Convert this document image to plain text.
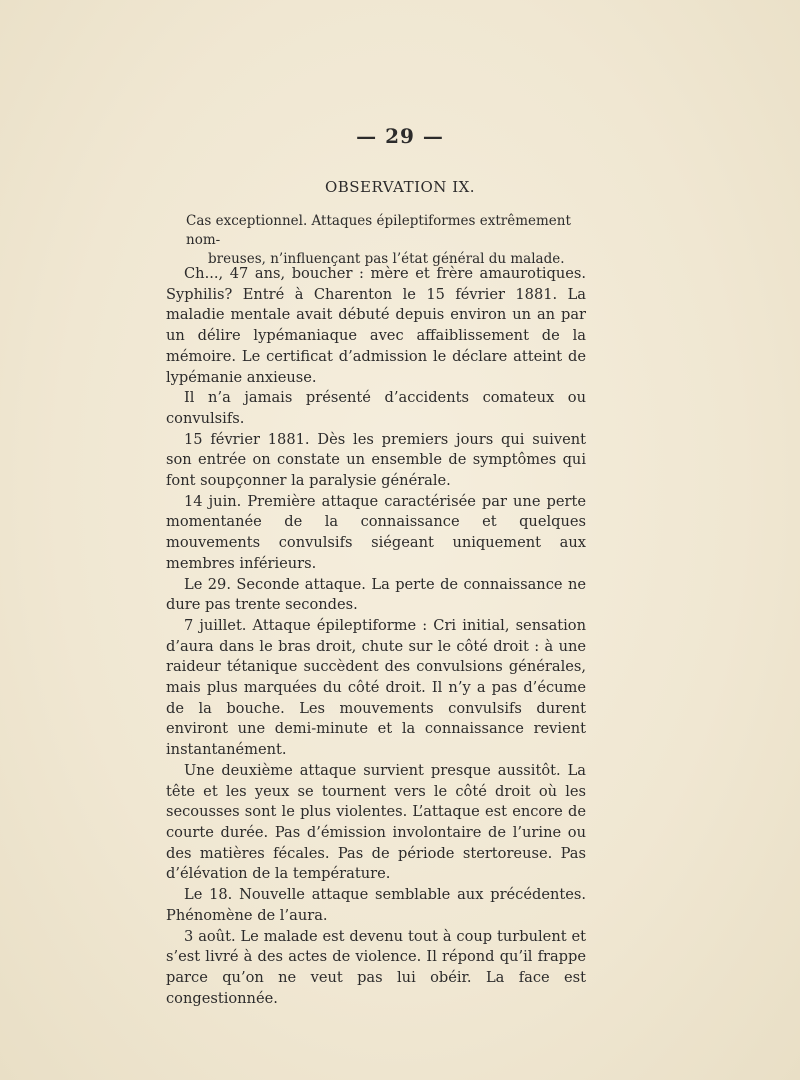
— 29 —
OBSERVATION IX.
Cas exceptionnel. Attaques épileptiformes extrêmement nom-
breuses, n’influençant pas l’état général du malade.

Ch..., 47 ans, boucher : mère et frère amaurotiques. Syphilis? Entré à Charenton le 15 février 1881. La maladie mentale avait débuté depuis environ un an par un délire lypémaniaque avec affaiblissement de la mémoire. Le certificat d’admission le déclare atteint de lypémanie anxieuse.

Il n’a jamais présenté d’accidents comateux ou convulsifs.

15 février 1881. Dès les premiers jours qui suivent son entrée on constate un ensemble de symptômes qui font soupçonner la paralysie générale.

14 juin. Première attaque caractérisée par une perte momentanée de la connaissance et quelques mouvements convulsifs siégeant uniquement aux membres inférieurs.

Le 29. Seconde attaque. La perte de connaissance ne dure pas trente secondes.

7 juillet. Attaque épileptiforme : Cri initial, sensation d’aura dans le bras droit, chute sur le côté droit : à une raideur tétanique succèdent des convulsions générales, mais plus marquées du côté droit. Il n’y a pas d’écume de la bouche. Les mouvements convulsifs durent environt une demi-minute et la connaissance revient instantanément.

Une deuxième attaque survient presque aussitôt. La tête et les yeux se tournent vers le côté droit où les secousses sont le plus violentes. L’attaque est encore de courte durée. Pas d’émission involontaire de l’urine ou des matières fécales. Pas de période stertoreuse. Pas d’élévation de la température.

Le 18. Nouvelle attaque semblable aux précédentes. Phénomène de l’aura.

3 août. Le malade est devenu tout à coup turbulent et s’est livré à des actes de violence. Il répond qu’il frappe parce qu’on ne veut pas lui obéir. La face est congestionnée.
